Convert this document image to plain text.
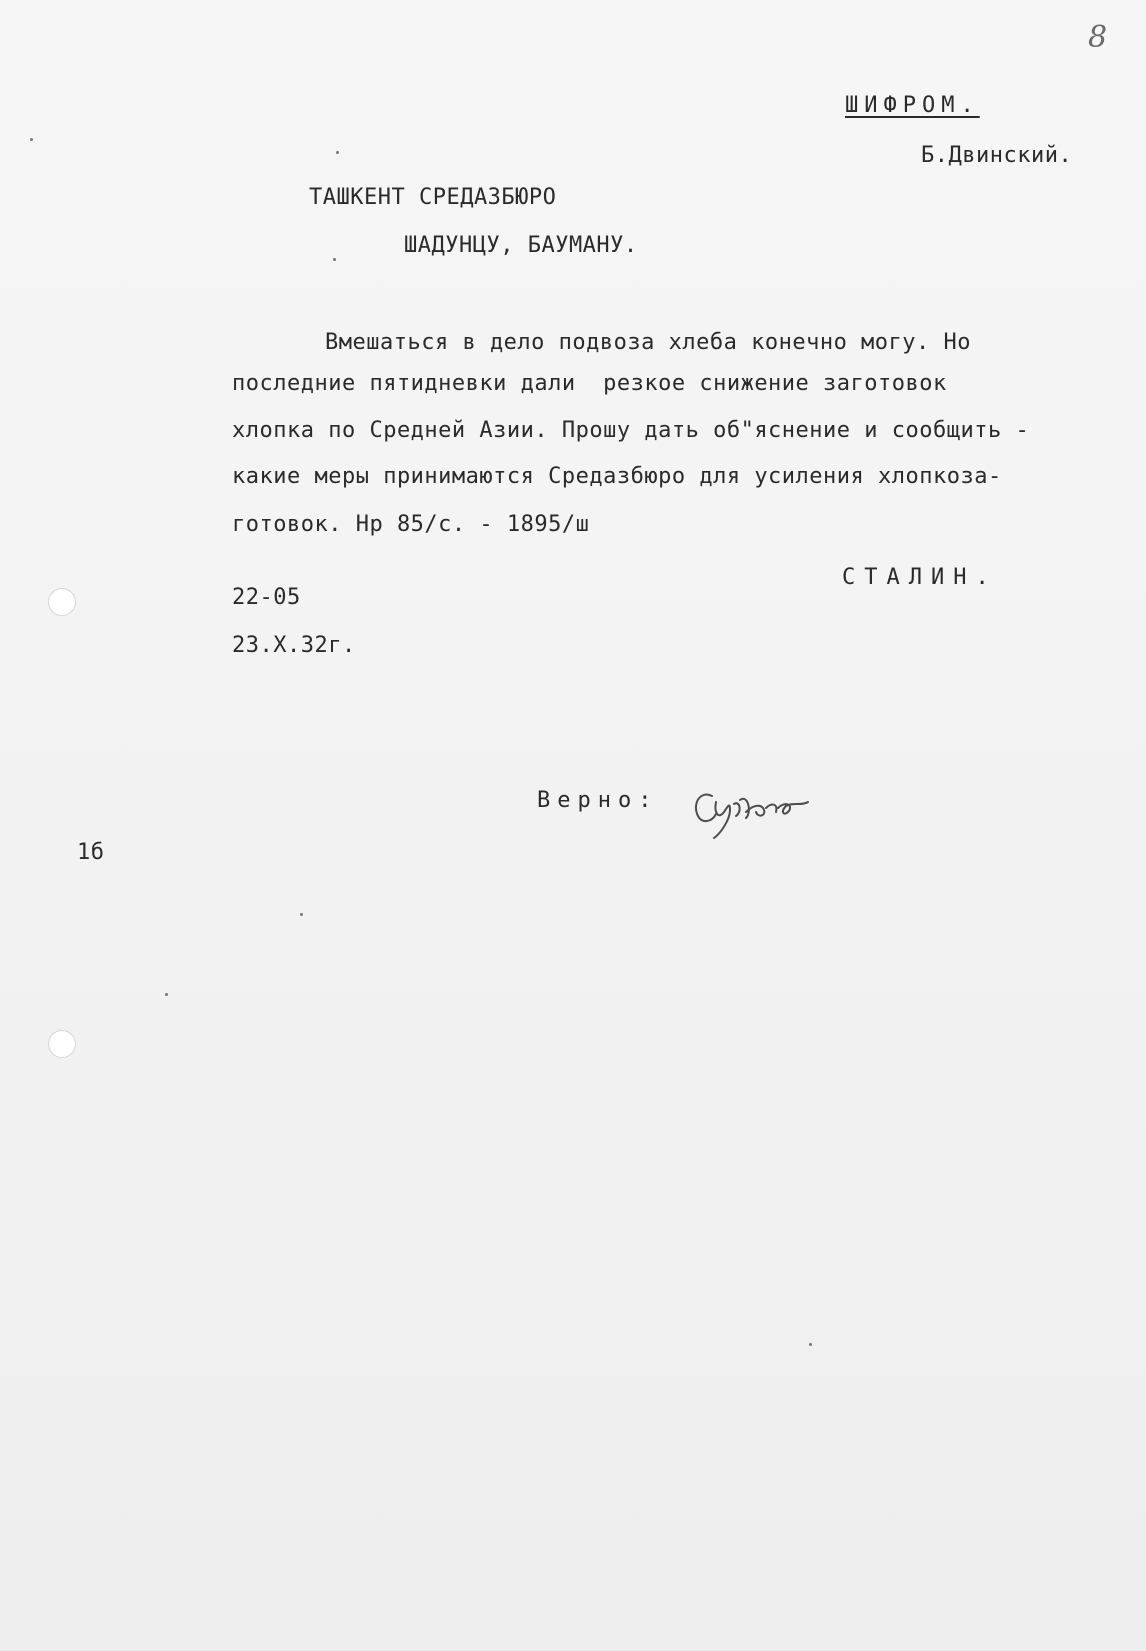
8
ШИФРОМ.
Б.Двинский.
ТАШКЕНТ СРЕДАЗБЮРО
ШАДУНЦУ, БАУМАНУ.
Вмешаться в дело подвоза хлеба конечно могу. Но
последние пятидневки дали  резкое снижение заготовок
хлопка по Средней Азии. Прошу дать об"яснение и сообщить -
какие меры принимаются Средазбюро для усиления хлопкоза-
готовок. Нр 85/с. - 1895/ш
СТАЛИН.
22-05
23.Х.32г.
Верно:
1б
